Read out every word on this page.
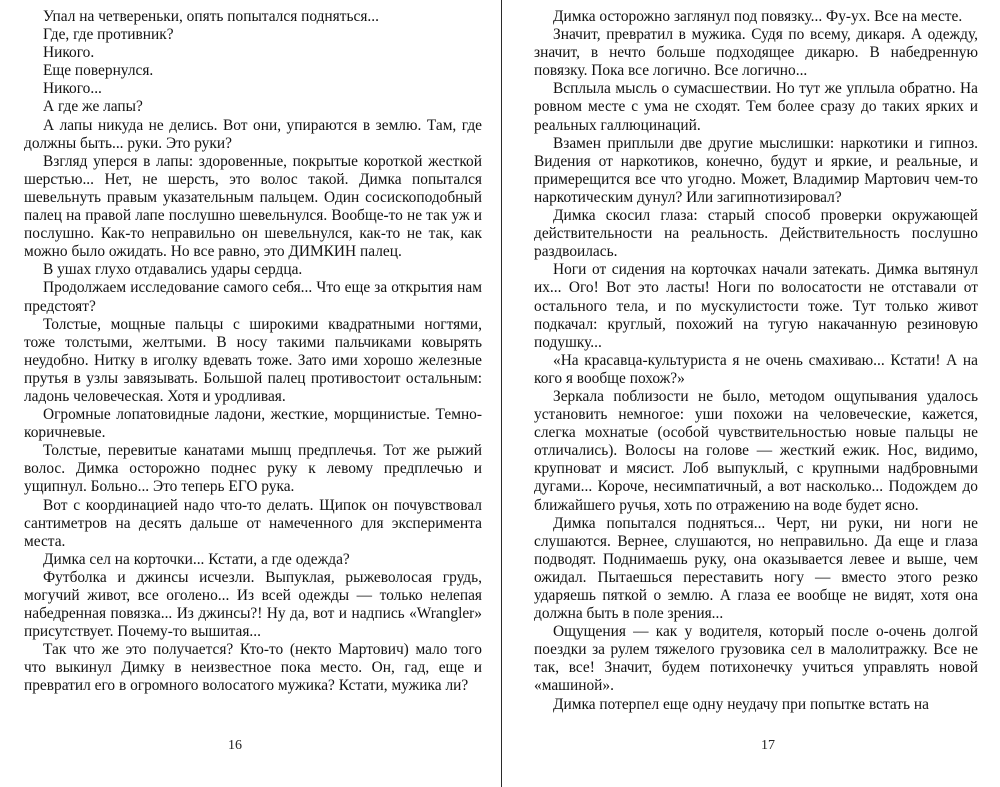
Упал на четвереньки, опять попытался подняться...

Где, где противник?

Никого.

Еще повернулся.

Никого...

А где же лапы?

А лапы никуда не делись. Вот они, упираются в землю. Там, где должны быть... руки. Это руки?

Взгляд уперся в лапы: здоровенные, покрытые короткой жесткой шерстью... Нет, не шерсть, это волос такой. Димка попытался шевельнуть правым указательным пальцем. Один сосископодобный палец на правой лапе послушно шевельнулся. Вообще-то не так уж и послушно. Как-то неправильно он шевельнулся, как-то не так, как можно было ожидать. Но все равно, это ДИМКИН палец.

В ушах глухо отдавались удары сердца.

Продолжаем исследование самого себя... Что еще за открытия нам предстоят?

Толстые, мощные пальцы с широкими квадратными ногтями, тоже толстыми, желтыми. В носу такими пальчиками ковырять неудобно. Нитку в иголку вдевать тоже. Зато ими хорошо железные прутья в узлы завязывать. Большой палец противостоит остальным: ладонь человеческая. Хотя и уродливая.

Огромные лопатовидные ладони, жесткие, морщинистые. Темно-коричневые.

Толстые, перевитые канатами мышц предплечья. Тот же рыжий волос. Димка осторожно поднес руку к левому предплечью и ущипнул. Больно... Это теперь ЕГО рука.

Вот с координацией надо что-то делать. Щипок он почувствовал сантиметров на десять дальше от намеченного для эксперимента места.

Димка сел на корточки... Кстати, а где одежда?

Футболка и джинсы исчезли. Выпуклая, рыжеволосая грудь, могучий живот, все оголено... Из всей одежды — только нелепая набедренная повязка... Из джинсы?! Ну да, вот и надпись «Wrangler» присутствует. Почему-то вышитая...

Так что же это получается? Кто-то (некто Мартович) мало того что выкинул Димку в неизвестное пока место. Он, гад, еще и превратил его в огромного волосатого мужика? Кстати, мужика ли?

16

Димка осторожно заглянул под повязку... Фу-ух. Все на месте.

Значит, превратил в мужика. Судя по всему, дикаря. А одежду, значит, в нечто больше подходящее дикарю. В набедренную повязку. Пока все логично. Все логично...

Всплыла мысль о сумасшествии. Но тут же уплыла обратно. На ровном месте с ума не сходят. Тем более сразу до таких ярких и реальных галлюцинаций.

Взамен приплыли две другие мыслишки: наркотики и гипноз. Видения от наркотиков, конечно, будут и яркие, и реальные, и примерещится все что угодно. Может, Владимир Мартович чем-то наркотическим дунул? Или загипнотизировал?

Димка скосил глаза: старый способ проверки окружающей действительности на реальность. Действительность послушно раздвоилась.

Ноги от сидения на корточках начали затекать. Димка вытянул их... Ого! Вот это ласты! Ноги по волосатости не отставали от остального тела, и по мускулистости тоже. Тут только живот подкачал: круглый, похожий на тугую накачанную резиновую подушку...

«На красавца-культуриста я не очень смахиваю... Кстати! А на кого я вообще похож?»

Зеркала поблизости не было, методом ощупывания удалось установить немногое: уши похожи на человеческие, кажется, слегка мохнатые (особой чувствительностью новые пальцы не отличались). Волосы на голове — жесткий ежик. Нос, видимо, крупноват и мясист. Лоб выпуклый, с крупными надбровными дугами... Короче, несимпатичный, а вот насколько... Подождем до ближайшего ручья, хоть по отражению на воде будет ясно.

Димка попытался подняться... Черт, ни руки, ни ноги не слушаются. Вернее, слушаются, но неправильно. Да еще и глаза подводят. Поднимаешь руку, она оказывается левее и выше, чем ожидал. Пытаешься переставить ногу — вместо этого резко ударяешь пяткой о землю. А глаза ее вообще не видят, хотя она должна быть в поле зрения...

Ощущения — как у водителя, который после о-очень долгой поездки за рулем тяжелого грузовика сел в малолитражку. Все не так, все! Значит, будем потихонечку учиться управлять новой «машиной».

Димка потерпел еще одну неудачу при попытке встать на

17
